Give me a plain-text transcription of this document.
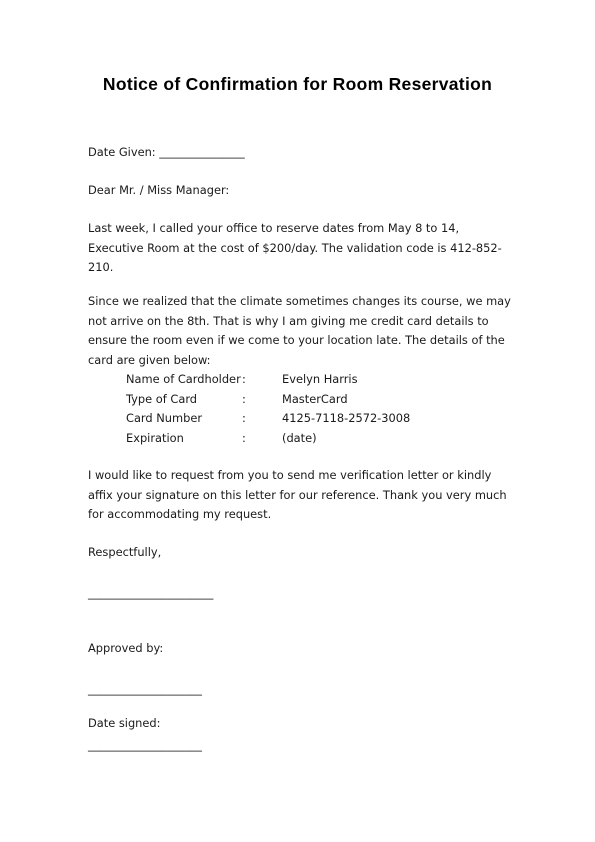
Notice of Confirmation for Room Reservation
Date Given: _______________
Dear Mr. / Miss Manager:

Last week, I called your office to reserve dates from May 8 to 14, Executive Room at the cost of $200/day. The validation code is 412-852-210.

Since we realized that the climate sometimes changes its course, we may not arrive on the 8th. That is why I am giving me credit card details to ensure the room even if we come to your location late. The details of the card are given below:

Name of Cardholder :	Evelyn Harris
Type of Card	:	MasterCard
Card Number	:	4125-7118-2572-3008
Expiration	:	(date)

I would like to request from you to send me verification letter or kindly affix your signature on this letter for our reference. Thank you very much for accommodating my request.

Respectfully,
______________________
Approved by:
____________________
Date signed:
____________________
